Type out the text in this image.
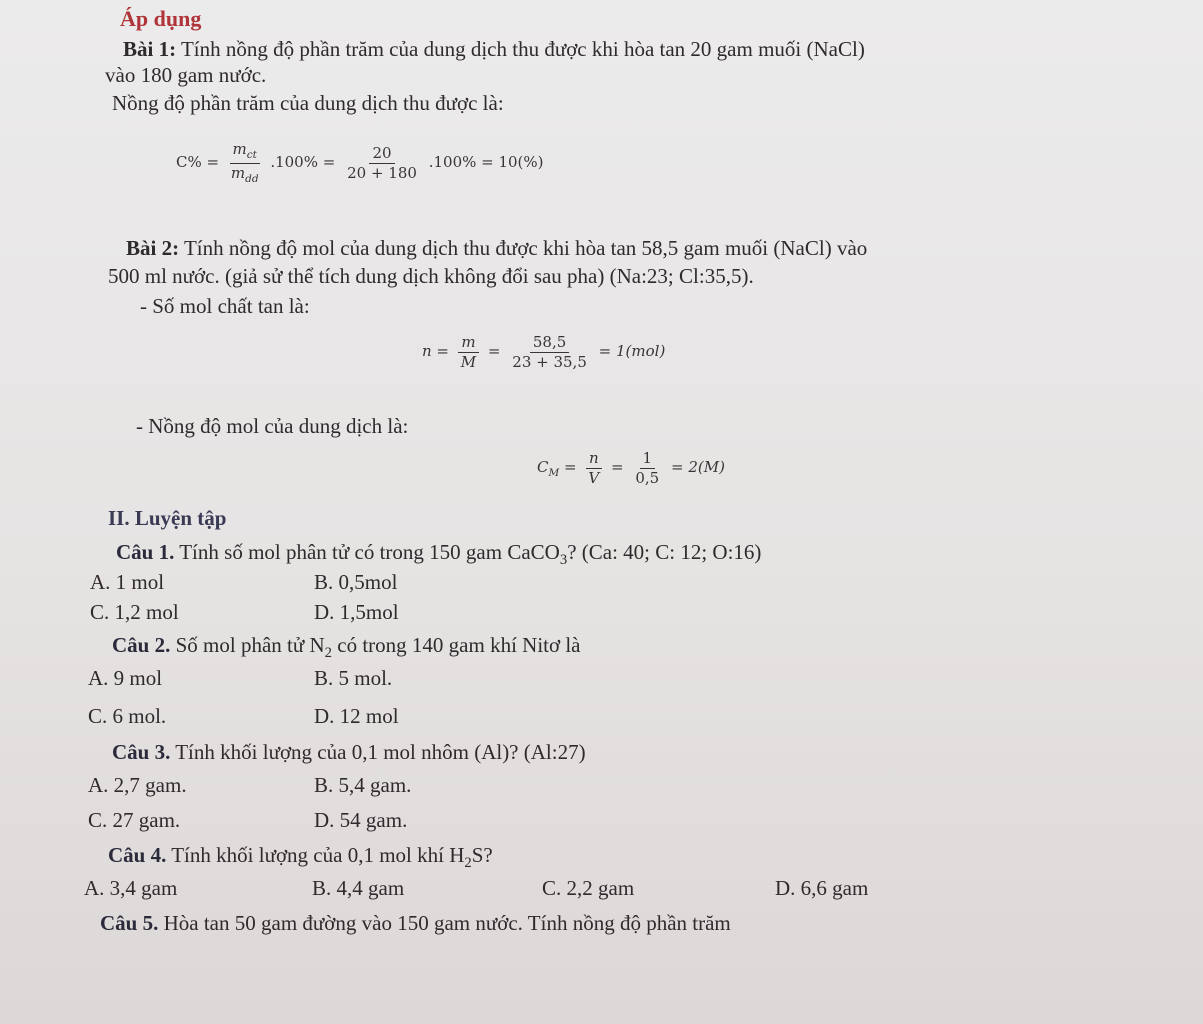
Áp dụng
Bài 1: Tính nồng độ phần trăm của dung dịch thu được khi hòa tan 20 gam muối (NaCl)
vào 180 gam nước.
Nồng độ phần trăm của dung dịch thu được là:
$C\% = \frac{m_{ct}}{m_{dd}} .100\% = \frac{20}{20 + 180} .100\% = 10(\%)$
Bài 2: Tính nồng độ mol của dung dịch thu được khi hòa tan 58,5 gam muối (NaCl) vào
500 ml nước. (giả sử thể tích dung dịch không đổi sau pha) (Na:23; Cl:35,5).
- Số mol chất tan là:
$n = \frac{m}{M} = \frac{58,5}{23 + 35,5} = 1(mol)$
- Nồng độ mol của dung dịch là:
$C_M = \frac{n}{V} = \frac{1}{0,5} = 2(M)$
II. Luyện tập
Câu 1. Tính số mol phân tử có trong 150 gam CaCO$_3$? (Ca: 40; C: 12; O:16)
A. 1 mol	B. 0,5mol
C. 1,2 mol	D. 1,5mol
Câu 2. Số mol phân tử $N_2$ có trong 140 gam khí Nitơ là
A. 9 mol	B. 5 mol.
C. 6 mol.	D. 12 mol
Câu 3. Tính khối lượng của 0,1 mol nhôm (Al)? (Al:27)
A. 2,7 gam.	B. 5,4 gam.
C. 27 gam.	D. 54 gam.
Câu 4. Tính khối lượng của 0,1 mol khí $H_2S$?
A. 3,4 gam	B. 4,4 gam	C. 2,2 gam	D. 6,6 gam
Câu 5. Hòa tan 50 gam đường vào 150 gam nước. Tính nồng độ phần trăm
